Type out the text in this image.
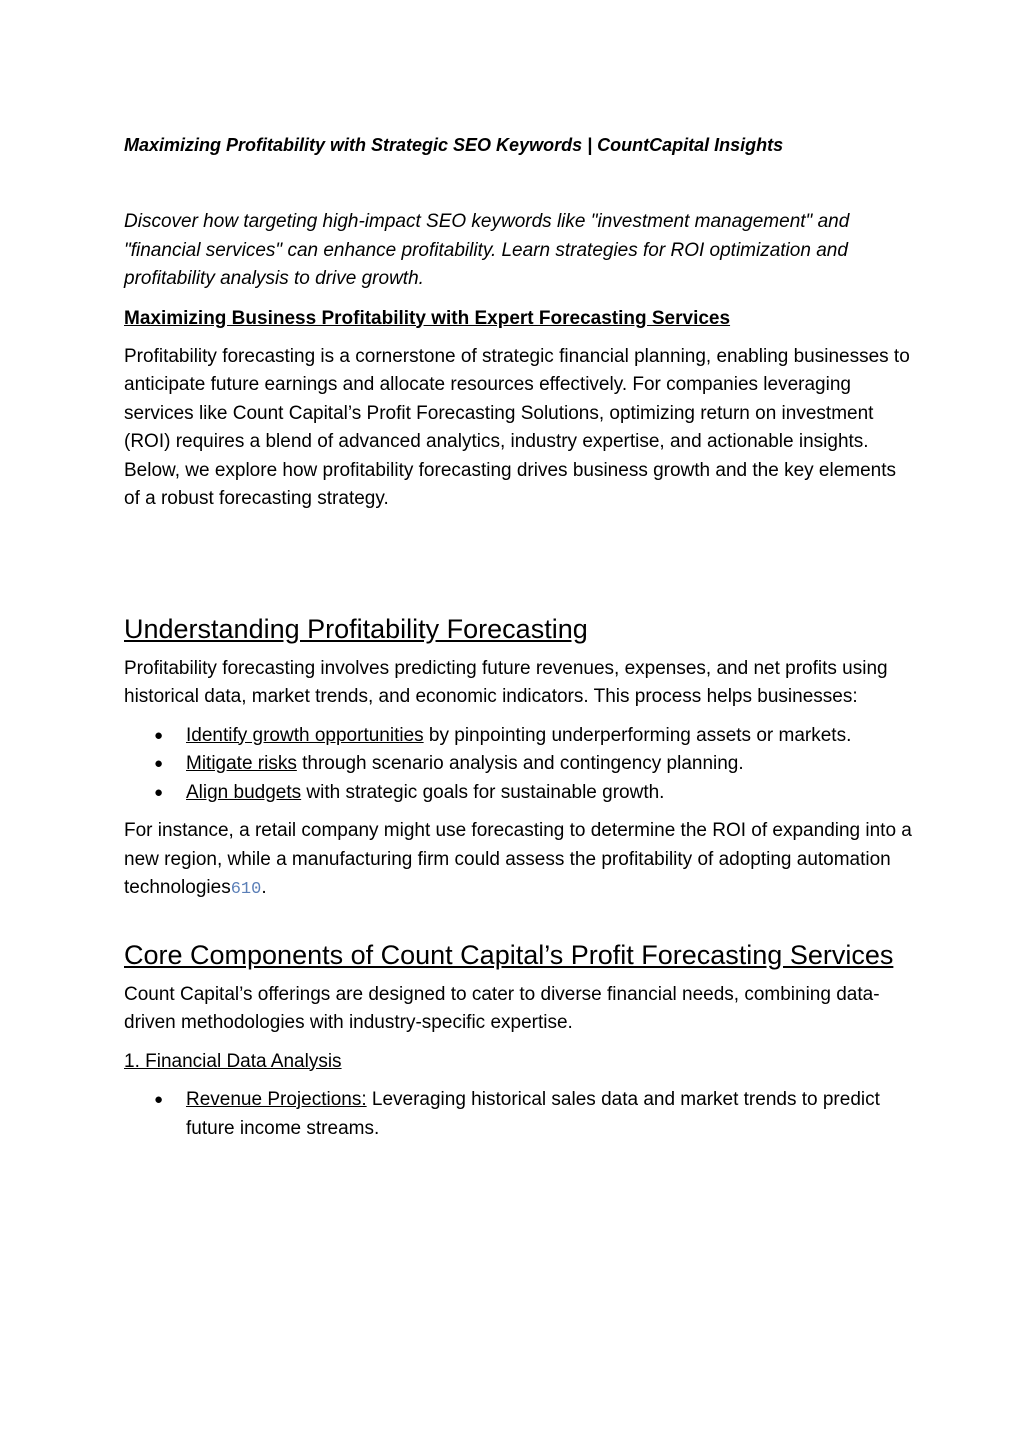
Maximizing Profitability with Strategic SEO Keywords | CountCapital Insights

Discover how targeting high-impact SEO keywords like "investment management" and "financial services" can enhance profitability. Learn strategies for ROI optimization and profitability analysis to drive growth.

Maximizing Business Profitability with Expert Forecasting Services

Profitability forecasting is a cornerstone of strategic financial planning, enabling businesses to anticipate future earnings and allocate resources effectively. For companies leveraging services like Count Capital’s Profit Forecasting Solutions, optimizing return on investment (ROI) requires a blend of advanced analytics, industry expertise, and actionable insights. Below, we explore how profitability forecasting drives business growth and the key elements of a robust forecasting strategy.

Understanding Profitability Forecasting

Profitability forecasting involves predicting future revenues, expenses, and net profits using historical data, market trends, and economic indicators. This process helps businesses:

● Identify growth opportunities by pinpointing underperforming assets or markets.
● Mitigate risks through scenario analysis and contingency planning.
● Align budgets with strategic goals for sustainable growth.

For instance, a retail company might use forecasting to determine the ROI of expanding into a new region, while a manufacturing firm could assess the profitability of adopting automation technologies610.

Core Components of Count Capital’s Profit Forecasting Services

Count Capital’s offerings are designed to cater to diverse financial needs, combining data-driven methodologies with industry-specific expertise.

1. Financial Data Analysis

● Revenue Projections: Leveraging historical sales data and market trends to predict future income streams.
